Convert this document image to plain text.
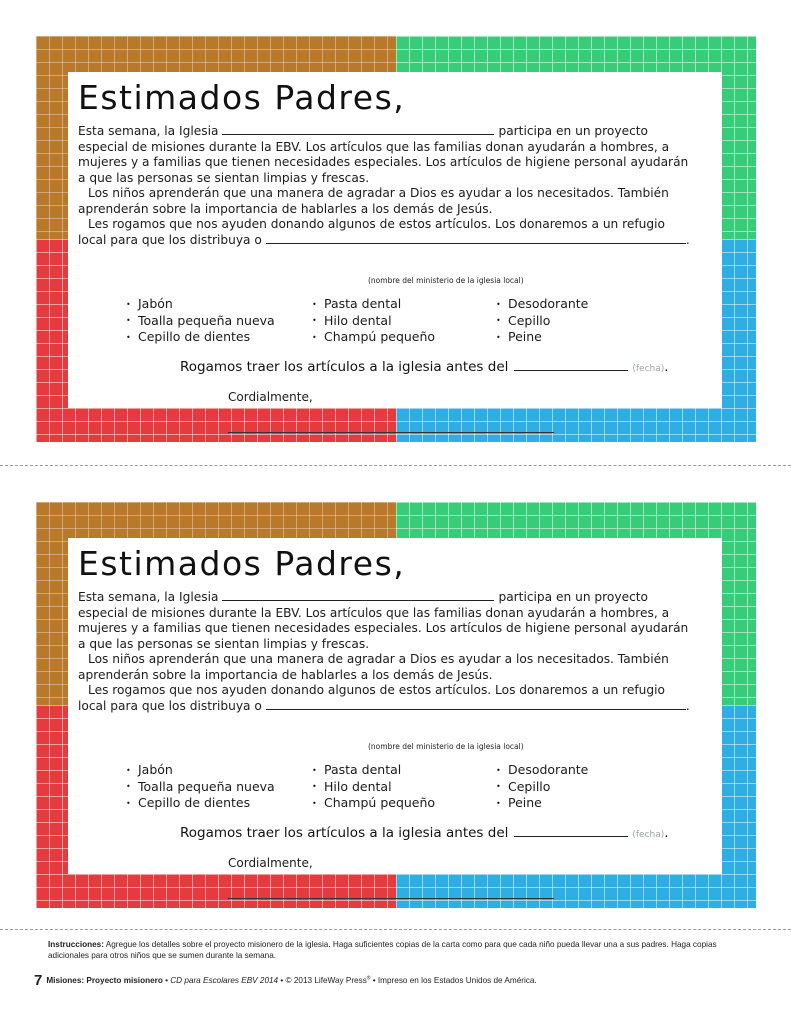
Estimados Padres,
Esta semana, la Iglesia	participa en un proyecto
especial de misiones durante la EBV. Los artículos que las familias donan ayudarán a hombres, a
mujeres y a familias que tienen necesidades especiales. Los artículos de higiene personal ayudarán
a que las personas se sientan limpias y frescas.
Los niños aprenderán que una manera de agradar a Dios es ayudar a los necesitados. También
aprenderán sobre la importancia de hablarles a los demás de Jesús.
Les rogamos que nos ayuden donando algunos de estos artículos. Los donaremos a un refugio
local para que los distribuya o	.
(nombre del ministerio de la iglesia local)
• Jabón
• Toalla pequeña nueva
• Cepillo de dientes
• Pasta dental
• Hilo dental
• Champú pequeño
• Desodorante
• Cepillo
• Peine
Rogamos traer los artículos a la iglesia antes del	(fecha).
Cordialmente,
Estimados Padres,
Esta semana, la Iglesia	participa en un proyecto
especial de misiones durante la EBV. Los artículos que las familias donan ayudarán a hombres, a
mujeres y a familias que tienen necesidades especiales. Los artículos de higiene personal ayudarán
a que las personas se sientan limpias y frescas.
Los niños aprenderán que una manera de agradar a Dios es ayudar a los necesitados. También
aprenderán sobre la importancia de hablarles a los demás de Jesús.
Les rogamos que nos ayuden donando algunos de estos artículos. Los donaremos a un refugio
local para que los distribuya o	.
(nombre del ministerio de la iglesia local)
• Jabón
• Toalla pequeña nueva
• Cepillo de dientes
• Pasta dental
• Hilo dental
• Champú pequeño
• Desodorante
• Cepillo
• Peine
Rogamos traer los artículos a la iglesia antes del	(fecha).
Cordialmente,
Instrucciones: Agregue los detalles sobre el proyecto misionero de la iglesia. Haga suficientes copias de la carta como para que cada niño pueda llevar una a sus padres. Haga copias adicionales para otros niños que se sumen durante la semana.
7 Misiones: Proyecto misionero • CD para Escolares EBV 2014 • © 2013 LifeWay Press® • Impreso en los Estados Unidos de América.
